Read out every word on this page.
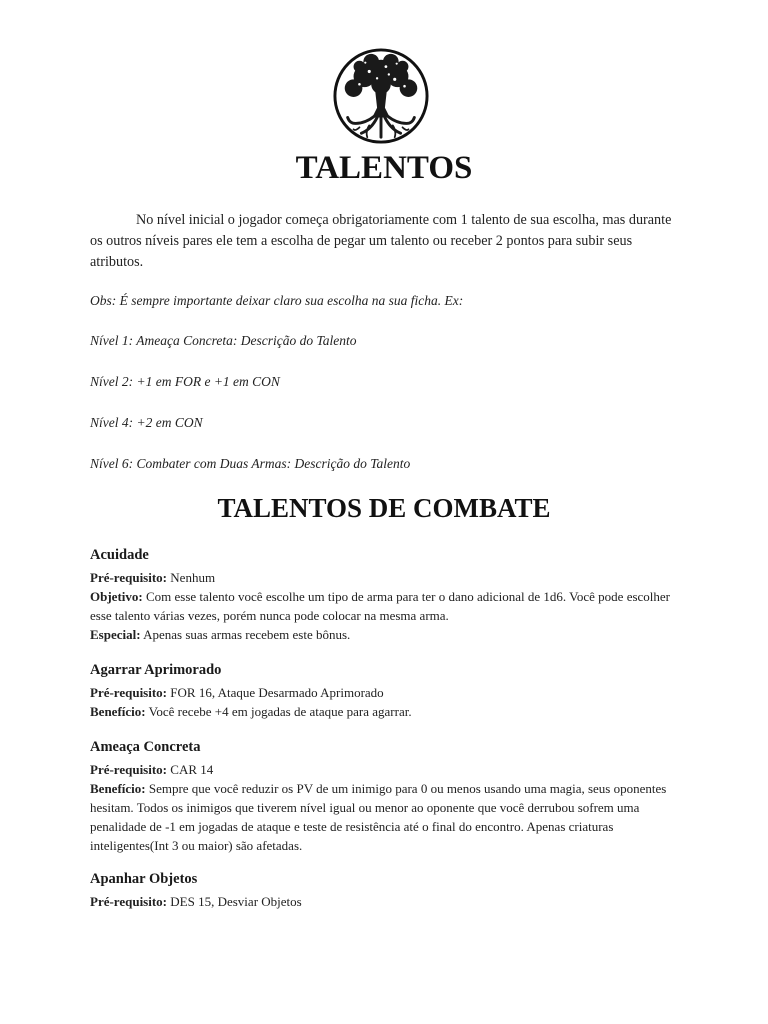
TALENTOS

No nível inicial o jogador começa obrigatoriamente com 1 talento de sua escolha, mas durante os outros níveis pares ele tem a escolha de pegar um talento ou receber 2 pontos para subir seus atributos.

Obs: É sempre importante deixar claro sua escolha na sua ficha. Ex:

Nível 1: Ameaça Concreta: Descrição do Talento

Nível 2: +1 em FOR e +1 em CON

Nível 4: +2 em CON

Nível 6: Combater com Duas Armas: Descrição do Talento

TALENTOS DE COMBATE
Acuidade

Pré-requisito: Nenhum

Objetivo: Com esse talento você escolhe um tipo de arma para ter o dano adicional de 1d6. Você pode escolher esse talento várias vezes, porém nunca pode colocar na mesma arma.

Especial: Apenas suas armas recebem este bônus.

Agarrar Aprimorado

Pré-requisito: FOR 16, Ataque Desarmado Aprimorado

Benefício: Você recebe +4 em jogadas de ataque para agarrar.

Ameaça Concreta

Pré-requisito: CAR 14

Benefício: Sempre que você reduzir os PV de um inimigo para 0 ou menos usando uma magia, seus oponentes hesitam. Todos os inimigos que tiverem nível igual ou menor ao oponente que você derrubou sofrem uma penalidade de -1 em jogadas de ataque e teste de resistência até o final do encontro. Apenas criaturas inteligentes(Int 3 ou maior) são afetadas.

Apanhar Objetos

Pré-requisito: DES 15, Desviar Objetos
